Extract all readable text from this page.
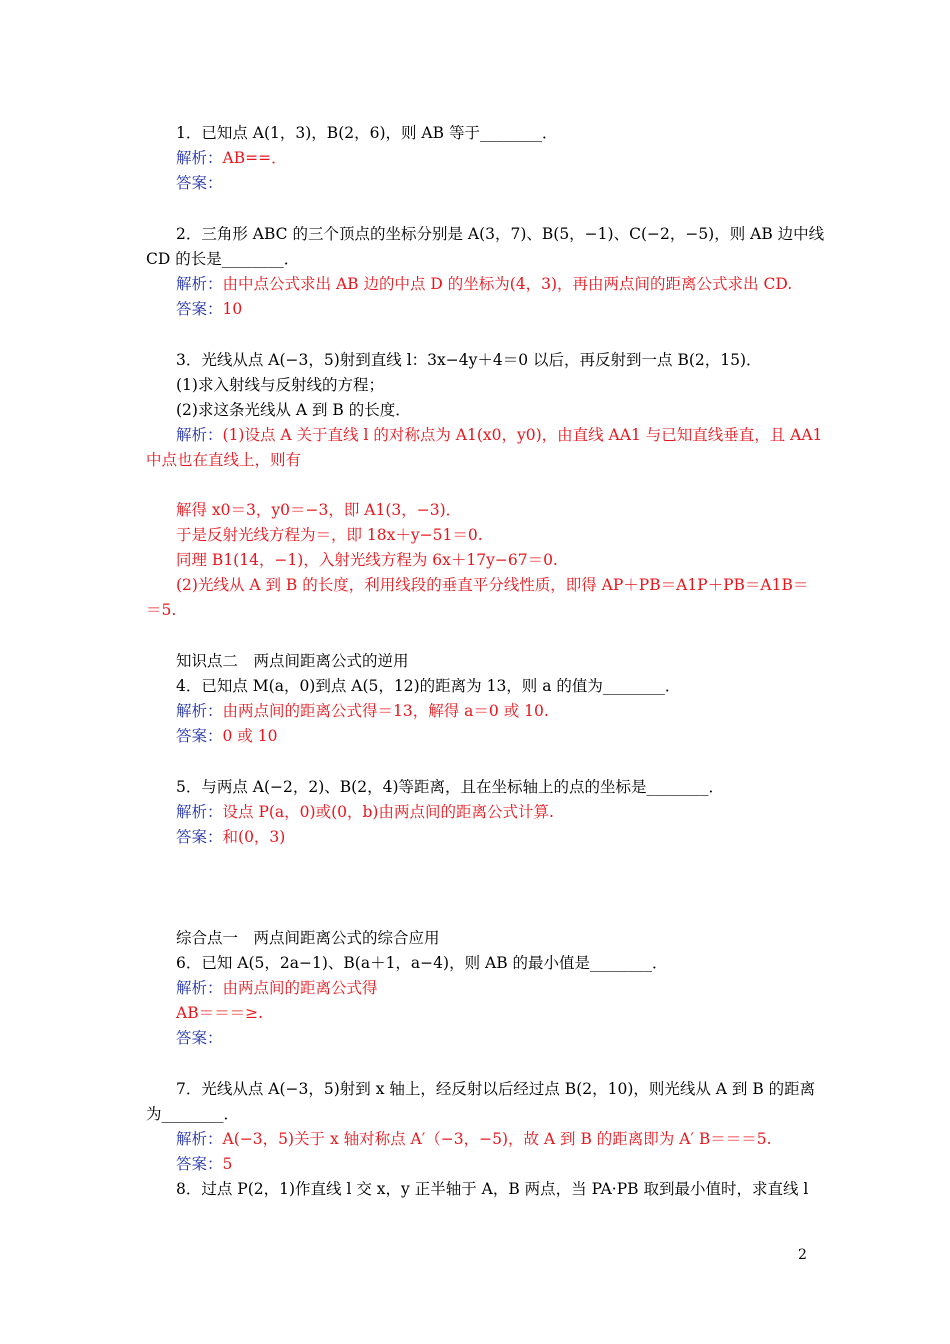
1．已知点 A(1，3)，B(2，6)，则 AB 等于________．
解析：AB==．
答案：
2．三角形 ABC 的三个顶点的坐标分别是 A(3，7)、B(5，−1)、C(−2，−5)，则 AB 边中线
CD 的长是________．
解析：由中点公式求出 AB 边的中点 D 的坐标为(4，3)，再由两点间的距离公式求出 CD.
答案：10
3．光线从点 A(−3，5)射到直线 l：3x−4y＋4＝0 以后，再反射到一点 B(2，15)．
(1)求入射线与反射线的方程；
(2)求这条光线从 A 到 B 的长度．
解析：(1)设点 A 关于直线 l 的对称点为 A1(x0，y0)，由直线 AA1 与已知直线垂直，且 AA1
中点也在直线上，则有
解得 x0＝3，y0＝−3，即 A1(3，−3)．
于是反射光线方程为＝，即 18x＋y−51＝0.
同理 B1(14，−1)，入射光线方程为 6x＋17y−67＝0.
(2)光线从 A 到 B 的长度，利用线段的垂直平分线性质，即得 AP＋PB＝A1P＋PB＝A1B＝
＝5.
知识点二　两点间距离公式的逆用
4．已知点 M(a，0)到点 A(5，12)的距离为 13，则 a 的值为________．
解析：由两点间的距离公式得＝13，解得 a＝0 或 10.
答案：0 或 10
5．与两点 A(−2，2)、B(2，4)等距离，且在坐标轴上的点的坐标是________．
解析：设点 P(a，0)或(0，b)由两点间的距离公式计算.
答案：和(0，3)
综合点一　两点间距离公式的综合应用
6．已知 A(5，2a−1)、B(a＋1，a−4)，则 AB 的最小值是________．
解析：由两点间的距离公式得
AB＝＝＝≥.
答案：
7．光线从点 A(−3，5)射到 x 轴上，经反射以后经过点 B(2，10)，则光线从 A 到 B 的距离
为________．
解析：A(−3，5)关于 x 轴对称点 A′（−3，−5)，故 A 到 B 的距离即为 A′ B＝＝＝5.
答案：5
8．过点 P(2，1)作直线 l 交 x，y 正半轴于 A，B 两点，当 PA·PB 取到最小值时，求直线 l
2
